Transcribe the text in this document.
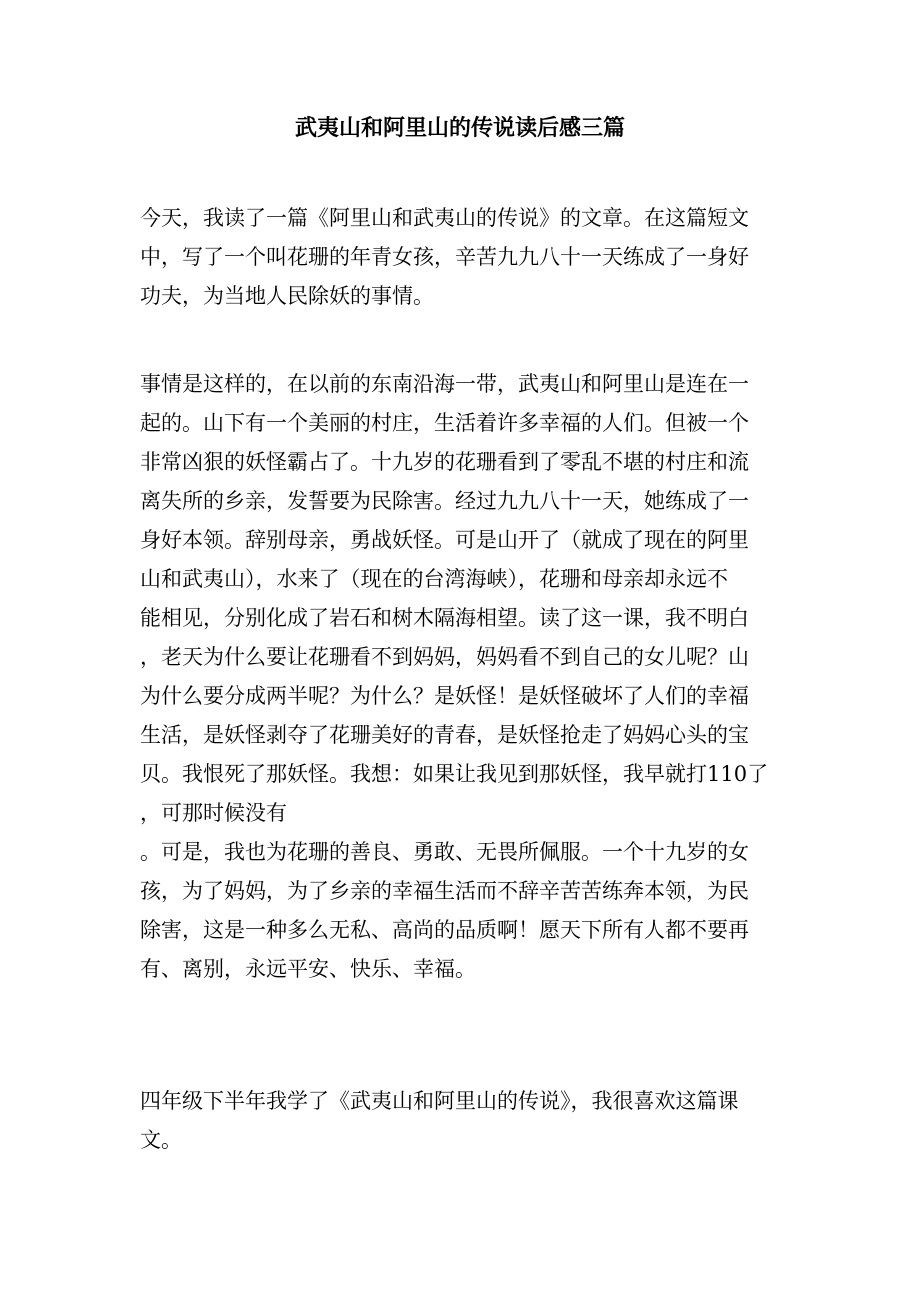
武夷山和阿里山的传说读后感三篇
今天，我读了一篇《阿里山和武夷山的传说》的文章。在这篇短文
中，写了一个叫花珊的年青女孩，辛苦九九八十一天练成了一身好
功夫，为当地人民除妖的事情。
事情是这样的，在以前的东南沿海一带，武夷山和阿里山是连在一
起的。山下有一个美丽的村庄，生活着许多幸福的人们。但被一个
非常凶狠的妖怪霸占了。十九岁的花珊看到了零乱不堪的村庄和流
离失所的乡亲，发誓要为民除害。经过九九八十一天，她练成了一
身好本领。辞别母亲，勇战妖怪。可是山开了（就成了现在的阿里
山和武夷山），水来了（现在的台湾海峡），花珊和母亲却永远不
能相见，分别化成了岩石和树木隔海相望。读了这一课，我不明白
，老天为什么要让花珊看不到妈妈，妈妈看不到自己的女儿呢？山
为什么要分成两半呢？为什么？是妖怪！是妖怪破坏了人们的幸福
生活，是妖怪剥夺了花珊美好的青春，是妖怪抢走了妈妈心头的宝
贝。我恨死了那妖怪。我想：如果让我见到那妖怪，我早就打110了
，可那时候没有
。可是，我也为花珊的善良、勇敢、无畏所佩服。一个十九岁的女
孩，为了妈妈，为了乡亲的幸福生活而不辞辛苦苦练奔本领，为民
除害，这是一种多么无私、高尚的品质啊！愿天下所有人都不要再
有、离别，永远平安、快乐、幸福。
四年级下半年我学了《武夷山和阿里山的传说》，我很喜欢这篇课
文。
